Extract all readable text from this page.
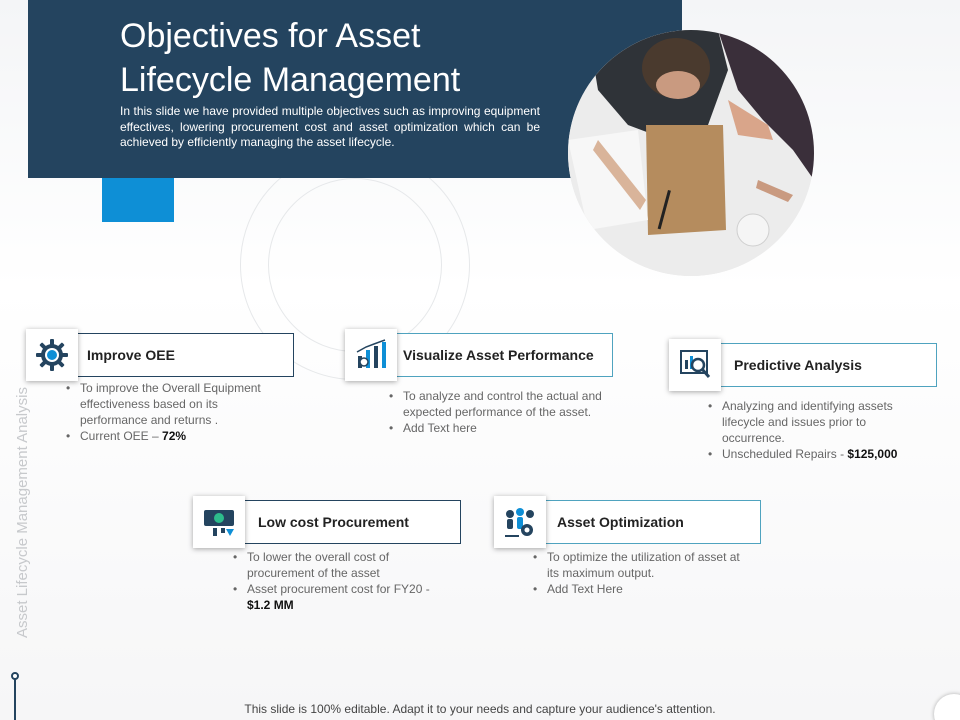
Objectives for Asset
Lifecycle Management

In this slide we have provided multiple objectives such as improving equipment effectives, lowering procurement cost and asset optimization which can be achieved by efficiently managing the asset lifecycle.

Asset Lifecycle Management Analysis
Improve OEE
• To improve the Overall Equipment effectiveness based on its performance and returns .
• Current OEE – 72%
Visualize Asset Performance
• To analyze and control the actual and expected performance of the asset.
• Add Text here
Predictive Analysis
• Analyzing and identifying assets lifecycle and issues prior to occurrence.
• Unscheduled Repairs - $125,000
Low cost Procurement
• To lower the overall cost of procurement of the asset
• Asset procurement cost for FY20 - $1.2 MM
Asset Optimization
• To optimize the utilization of asset at its maximum output.
• Add Text Here
This slide is 100% editable. Adapt it to your needs and capture your audience's attention.
